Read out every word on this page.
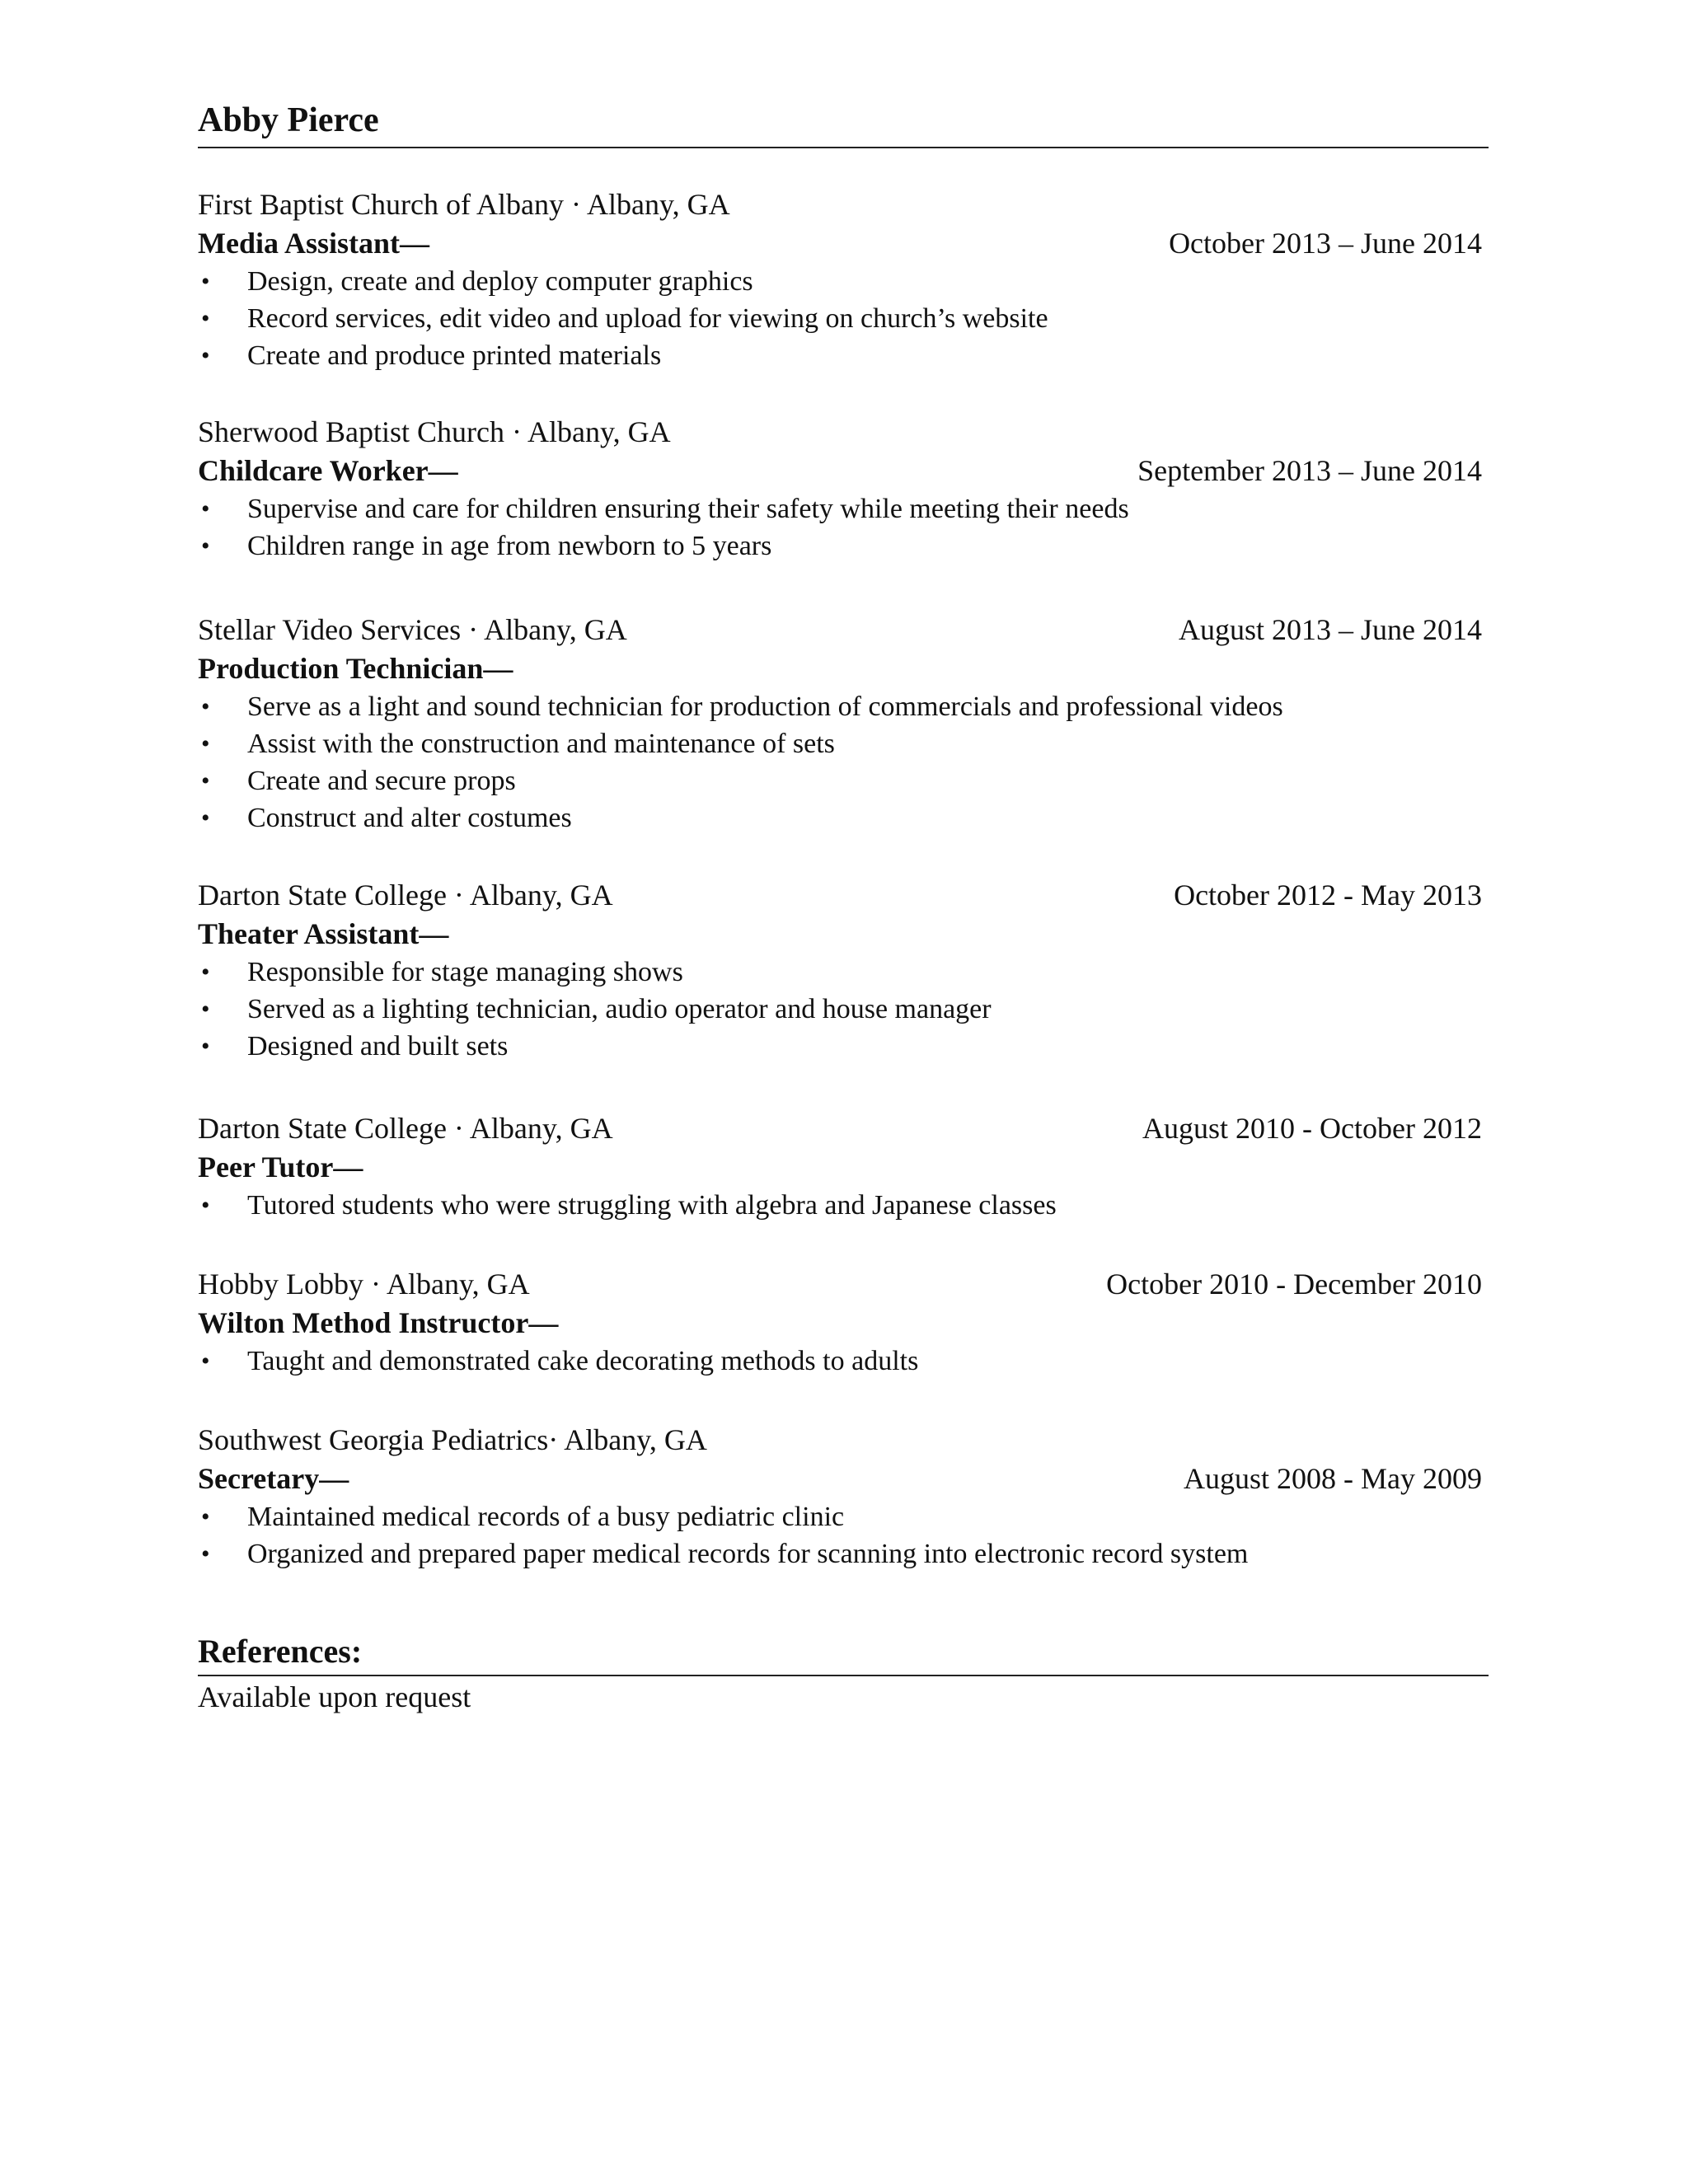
Abby Pierce
First Baptist Church of Albany · Albany, GA
Media Assistant—	October 2013 – June 2014
• Design, create and deploy computer graphics
• Record services, edit video and upload for viewing on church’s website
• Create and produce printed materials
Sherwood Baptist Church · Albany, GA
Childcare Worker—	September 2013 – June 2014
• Supervise and care for children ensuring their safety while meeting their needs
• Children range in age from newborn to 5 years
Stellar Video Services · Albany, GA	August 2013 – June 2014
Production Technician—
• Serve as a light and sound technician for production of commercials and professional videos
• Assist with the construction and maintenance of sets
• Create and secure props
• Construct and alter costumes
Darton State College · Albany, GA	October 2012 - May 2013
Theater Assistant—
• Responsible for stage managing shows
• Served as a lighting technician, audio operator and house manager
• Designed and built sets
Darton State College · Albany, GA	August 2010 - October 2012
Peer Tutor—
• Tutored students who were struggling with algebra and Japanese classes
Hobby Lobby · Albany, GA	October 2010 - December 2010
Wilton Method Instructor—
• Taught and demonstrated cake decorating methods to adults
Southwest Georgia Pediatrics· Albany, GA
Secretary—	August 2008 - May 2009
• Maintained medical records of a busy pediatric clinic
• Organized and prepared paper medical records for scanning into electronic record system
References:
Available upon request
